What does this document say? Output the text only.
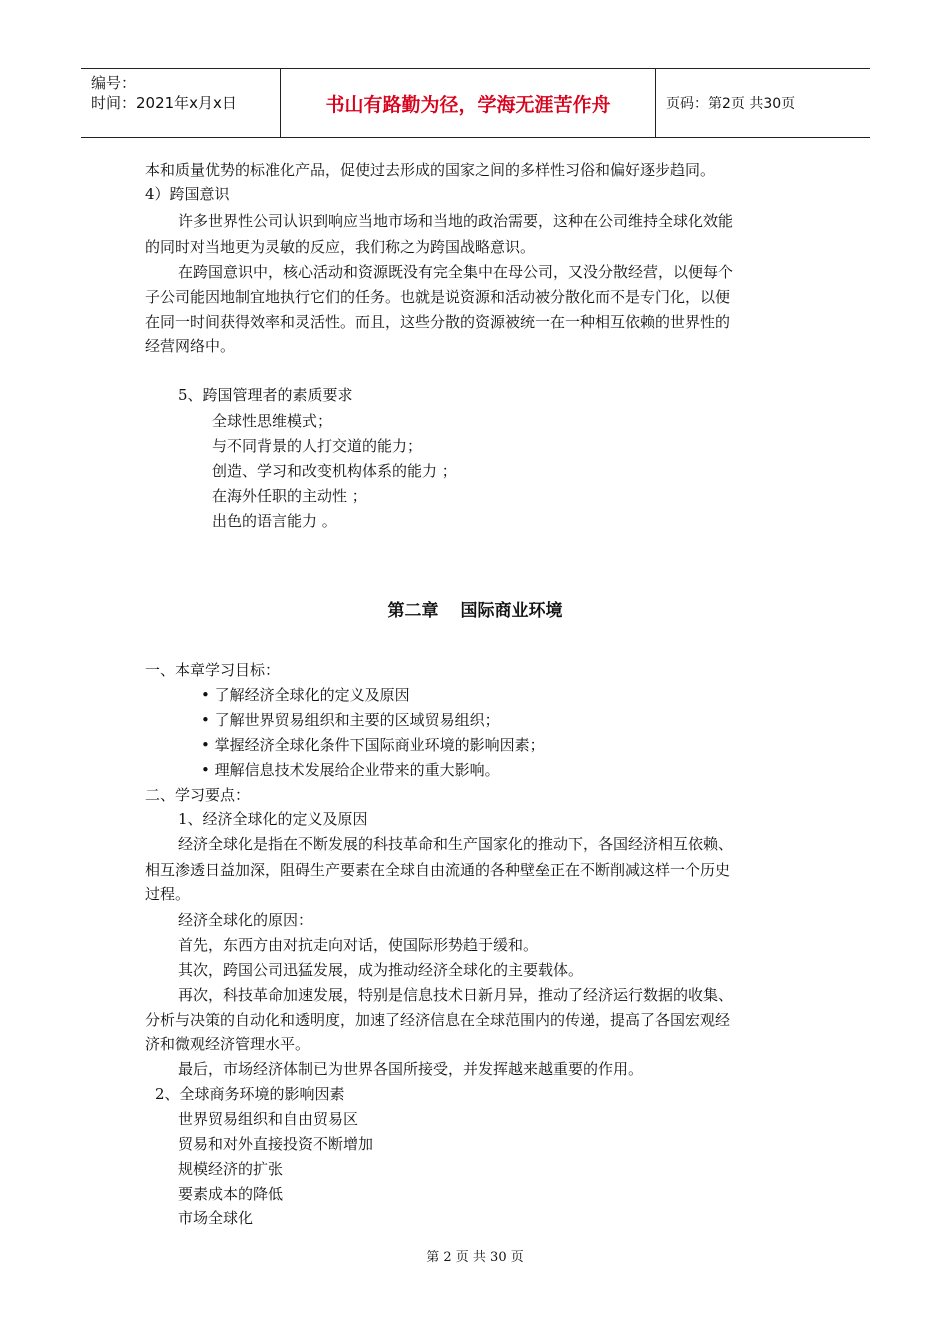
编号：
时间：2021年x月x日	书山有路勤为径，学海无涯苦作舟	页码：第2页 共30页
本和质量优势的标准化产品，促使过去形成的国家之间的多样性习俗和偏好逐步趋同。
4）跨国意识
许多世界性公司认识到响应当地市场和当地的政治需要，这种在公司维持全球化效能
的同时对当地更为灵敏的反应，我们称之为跨国战略意识。
在跨国意识中，核心活动和资源既没有完全集中在母公司，又没分散经营，以便每个
子公司能因地制宜地执行它们的任务。也就是说资源和活动被分散化而不是专门化，以便
在同一时间获得效率和灵活性。而且，这些分散的资源被统一在一种相互依赖的世界性的
经营网络中。
5、跨国管理者的素质要求
全球性思维模式；
与不同背景的人打交道的能力；
创造、学习和改变机构体系的能力 ；
在海外任职的主动性 ；
出色的语言能力 。
第二章 国际商业环境
一、本章学习目标：
• 了解经济全球化的定义及原因
• 了解世界贸易组织和主要的区域贸易组织；
• 掌握经济全球化条件下国际商业环境的影响因素；
• 理解信息技术发展给企业带来的重大影响。
二、学习要点：
1、经济全球化的定义及原因
经济全球化是指在不断发展的科技革命和生产国家化的推动下，各国经济相互依赖、
相互渗透日益加深，阻碍生产要素在全球自由流通的各种壁垒正在不断削减这样一个历史
过程。
经济全球化的原因：
首先，东西方由对抗走向对话，使国际形势趋于缓和。
其次，跨国公司迅猛发展，成为推动经济全球化的主要载体。
再次，科技革命加速发展，特别是信息技术日新月异，推动了经济运行数据的收集、
分析与决策的自动化和透明度，加速了经济信息在全球范围内的传递，提高了各国宏观经
济和微观经济管理水平。
最后，市场经济体制已为世界各国所接受，并发挥越来越重要的作用。
2、全球商务环境的影响因素
世界贸易组织和自由贸易区
贸易和对外直接投资不断增加
规模经济的扩张
要素成本的降低
市场全球化
第 2 页 共 30 页
